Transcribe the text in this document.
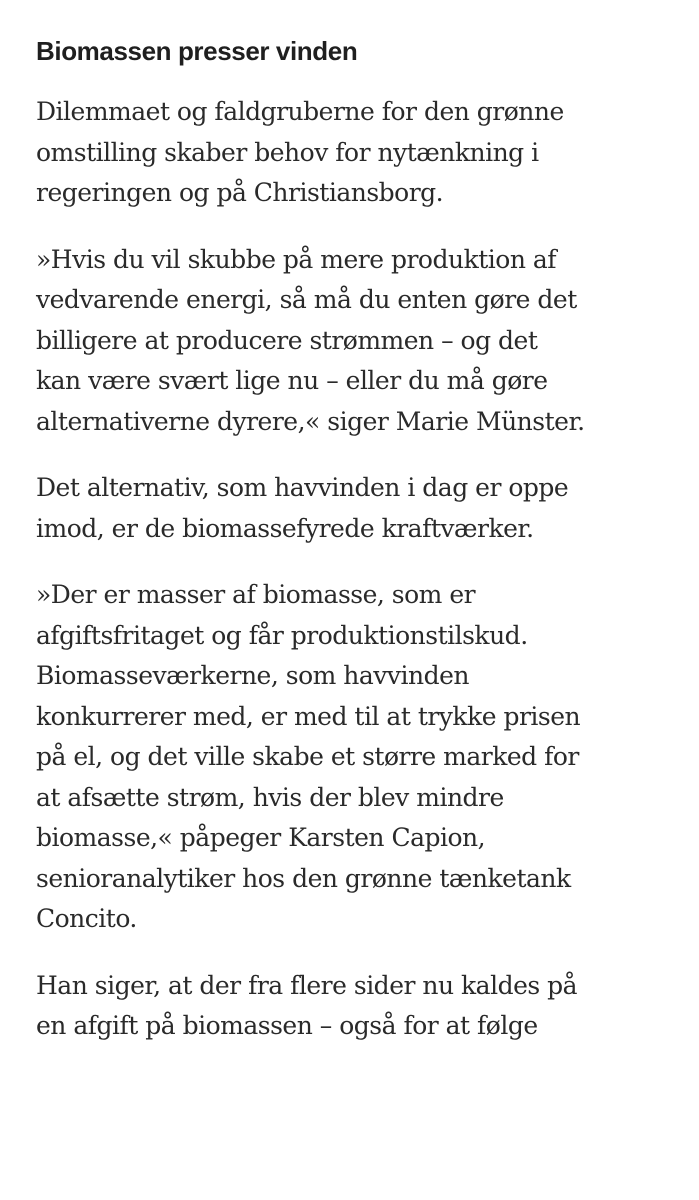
Biomassen presser vinden

Dilemmaet og faldgruberne for den grønne
omstilling skaber behov for nytænkning i
regeringen og på Christiansborg.

»Hvis du vil skubbe på mere produktion af
vedvarende energi, så må du enten gøre det
billigere at producere strømmen – og det
kan være svært lige nu – eller du må gøre
alternativerne dyrere,« siger Marie Münster.

Det alternativ, som havvinden i dag er oppe
imod, er de biomassefyrede kraftværker.

»Der er masser af biomasse, som er
afgiftsfritaget og får produktionstilskud.
Biomasseværkerne, som havvinden
konkurrerer med, er med til at trykke prisen
på el, og det ville skabe et større marked for
at afsætte strøm, hvis der blev mindre
biomasse,« påpeger Karsten Capion,
senioranalytiker hos den grønne tænketank
Concito.

Han siger, at der fra flere sider nu kaldes på
en afgift på biomassen – også for at følge
